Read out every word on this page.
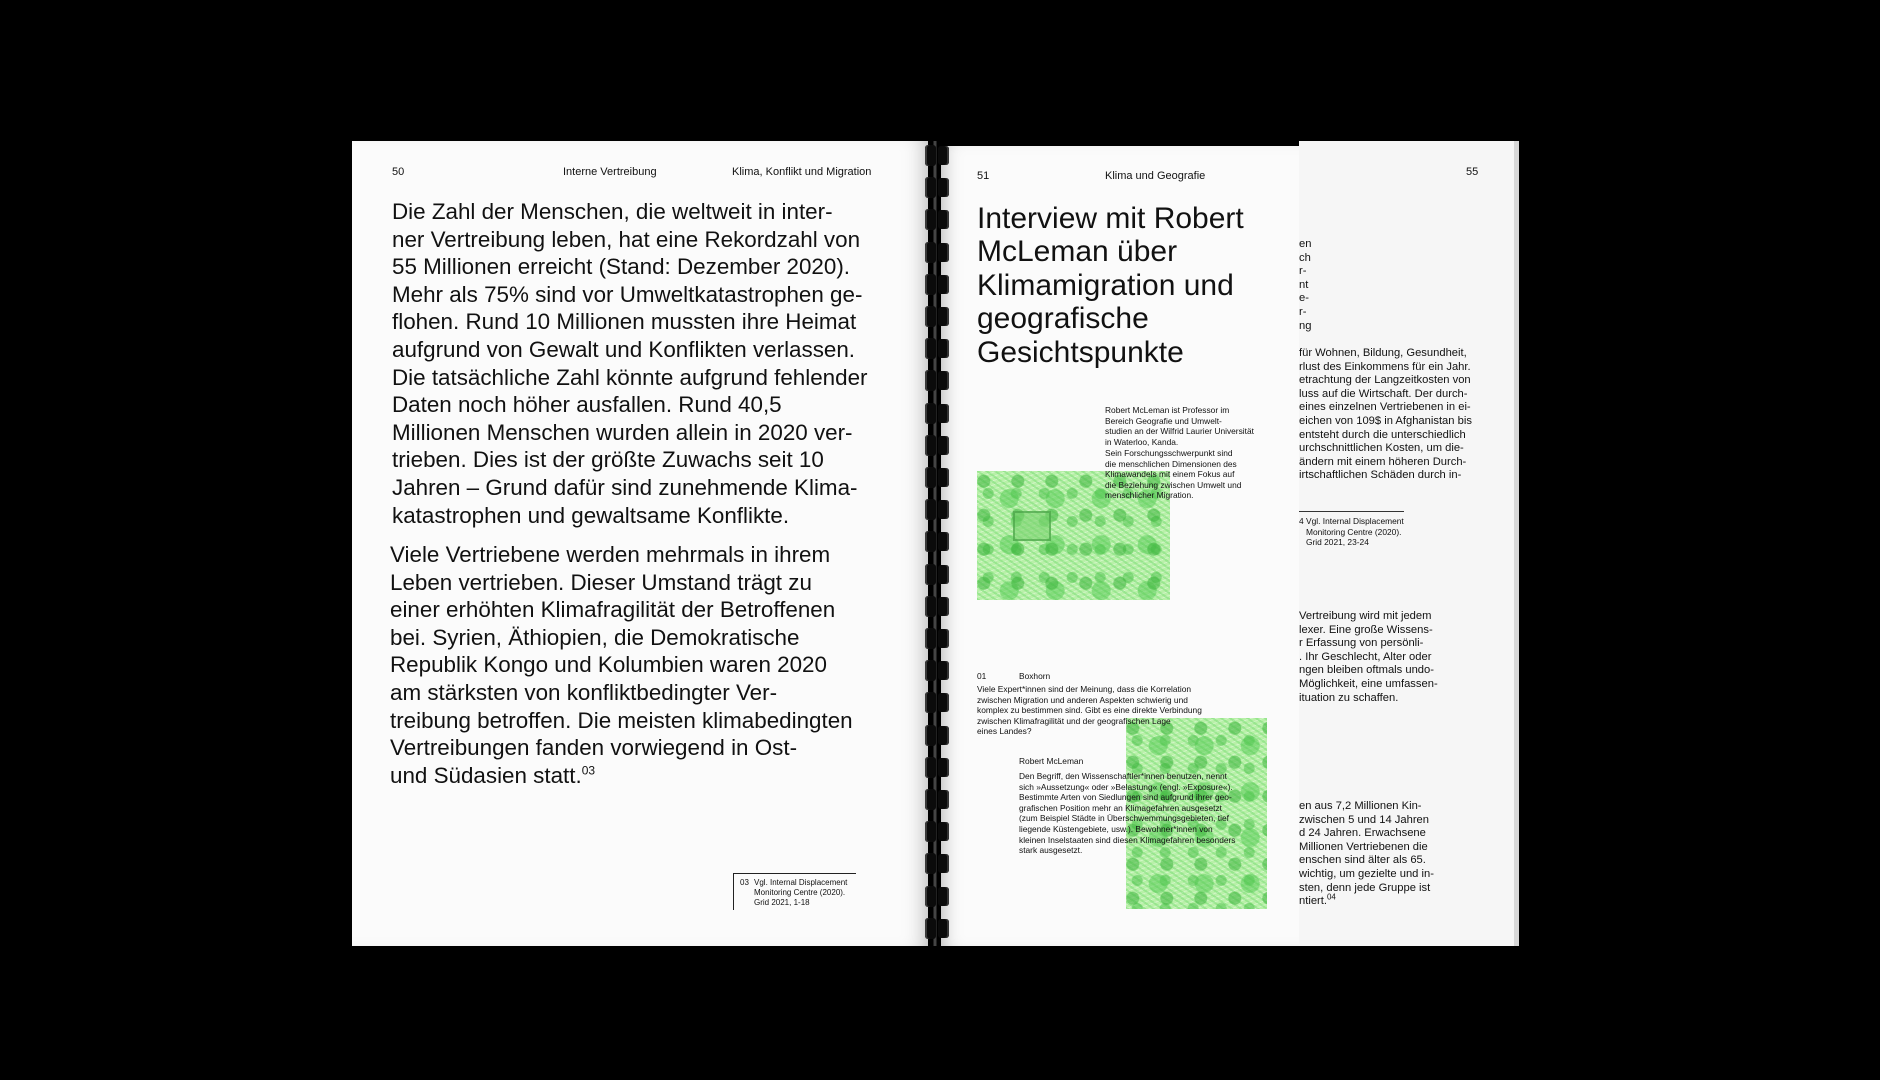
50	Interne Vertreibung	Klima, Konflikt und Migration

Die Zahl der Menschen, die weltweit in inter-
ner Vertreibung leben, hat eine Rekordzahl von
55 Millionen erreicht (Stand: Dezember 2020).
Mehr als 75% sind vor Umweltkatastrophen ge-
flohen. Rund 10 Millionen mussten ihre Heimat
aufgrund von Gewalt und Konflikten verlassen.
Die tatsächliche Zahl könnte aufgrund fehlender
Daten noch höher ausfallen. Rund 40,5
Millionen Menschen wurden allein in 2020 ver-
trieben. Dies ist der größte Zuwachs seit 10
Jahren – Grund dafür sind zunehmende Klima-
katastrophen und gewaltsame Konflikte.

Viele Vertriebene werden mehrmals in ihrem
Leben vertrieben. Dieser Umstand trägt zu
einer erhöhten Klimafragilität der Betroffenen
bei. Syrien, Äthiopien, die Demokratische
Republik Kongo und Kolumbien waren 2020
am stärksten von konfliktbedingter Ver-
treibung betroffen. Die meisten klimabedingten
Vertreibungen fanden vorwiegend in Ost-
und Südasien statt.$^{03}$

03 Vgl. Internal Displacement
Monitoring Centre (2020).
Grid 2021, 1-18
55
en
ch
r-
nt
e-
r-
ng
für Wohnen, Bildung, Gesundheit,
rlust des Einkommens für ein Jahr.
etrachtung der Langzeitkosten von
luss auf die Wirtschaft. Der durch-
eines einzelnen Vertriebenen in ei-
eichen von 109$ in Afghanistan bis
entsteht durch die unterschiedlich
urchschnittlichen Kosten, um die-
ändern mit einem höheren Durch-
irtschaftlichen Schäden durch in-
4 Vgl. Internal Displacement
Monitoring Centre (2020).
Grid 2021, 23-24
Vertreibung wird mit jedem
lexer. Eine große Wissens-
r Erfassung von persönli-
. Ihr Geschlecht, Alter oder
ngen bleiben oftmals undo-
Möglichkeit, eine umfassen-
ituation zu schaffen.
en aus 7,2 Millionen Kin-
zwischen 5 und 14 Jahren
d 24 Jahren. Erwachsene
Millionen Vertriebenen die
enschen sind älter als 65.
wichtig, um gezielte und in-
sten, denn jede Gruppe ist
ntiert.$^{04}$
51	Klima und Geografie
Interview mit Robert
McLeman über
Klimamigration und
geografische
Gesichtspunkte
Robert McLeman ist Professor im
Bereich Geografie und Umwelt-
studien an der Wilfrid Laurier Universität
in Waterloo, Kanda.
Sein Forschungsschwerpunkt sind
die menschlichen Dimensionen des
Klimawandels mit einem Fokus auf
die Beziehung zwischen Umwelt und
menschlicher Migration.
01	Boxhorn
Viele Expert*innen sind der Meinung, dass die Korrelation
zwischen Migration und anderen Aspekten schwierig und
komplex zu bestimmen sind. Gibt es eine direkte Verbindung
zwischen Klimafragilität und der geografischen Lage
eines Landes?
Robert McLeman
Den Begriff, den Wissenschaftler*innen benutzen, nennt
sich »Aussetzung« oder »Belastung« (engl. »Exposure«).
Bestimmte Arten von Siedlungen sind aufgrund ihrer geo-
grafischen Position mehr an Klimagefahren ausgesetzt
(zum Beispiel Städte in Überschwemmungsgebieten, tief
liegende Küstengebiete, usw.). Bewohner*innen von
kleinen Inselstaaten sind diesen Klimagefahren besonders
stark ausgesetzt.
